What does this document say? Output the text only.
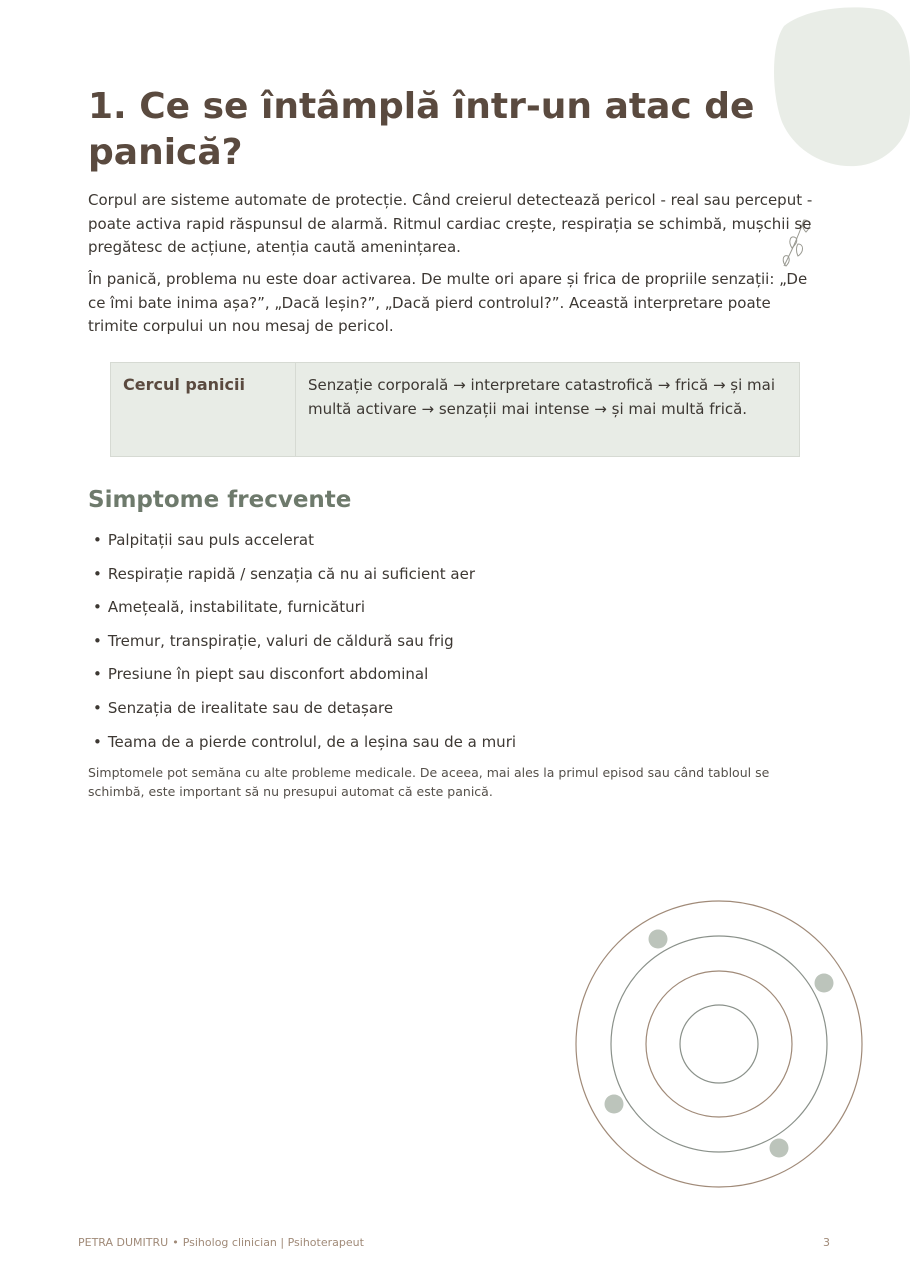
1. Ce se întâmplă într-un atac de panică?

Corpul are sisteme automate de protecție. Când creierul detectează pericol - real sau perceput - poate activa rapid răspunsul de alarmă. Ritmul cardiac crește, respirația se schimbă, mușchii se pregătesc de acțiune, atenția caută amenințarea.

În panică, problema nu este doar activarea. De multe ori apare și frica de propriile senzații: „De ce îmi bate inima așa?”, „Dacă leșin?”, „Dacă pierd controlul?”. Această interpretare poate trimite corpului un nou mesaj de pericol.

Cercul panicii	Senzație corporală → interpretare catastrofică → frică → și mai multă activare → senzații mai intense → și mai multă frică.
Simptome frecvente
• Palpitații sau puls accelerat
• Respirație rapidă / senzația că nu ai suficient aer
• Amețeală, instabilitate, furnicături
• Tremur, transpirație, valuri de căldură sau frig
• Presiune în piept sau disconfort abdominal
• Senzația de irealitate sau de detașare
• Teama de a pierde controlul, de a leșina sau de a muri

Simptomele pot semăna cu alte probleme medicale. De aceea, mai ales la primul episod sau când tabloul se schimbă, este important să nu presupui automat că este panică.

PETRA DUMITRU • Psiholog clinician | Psihoterapeut	3
